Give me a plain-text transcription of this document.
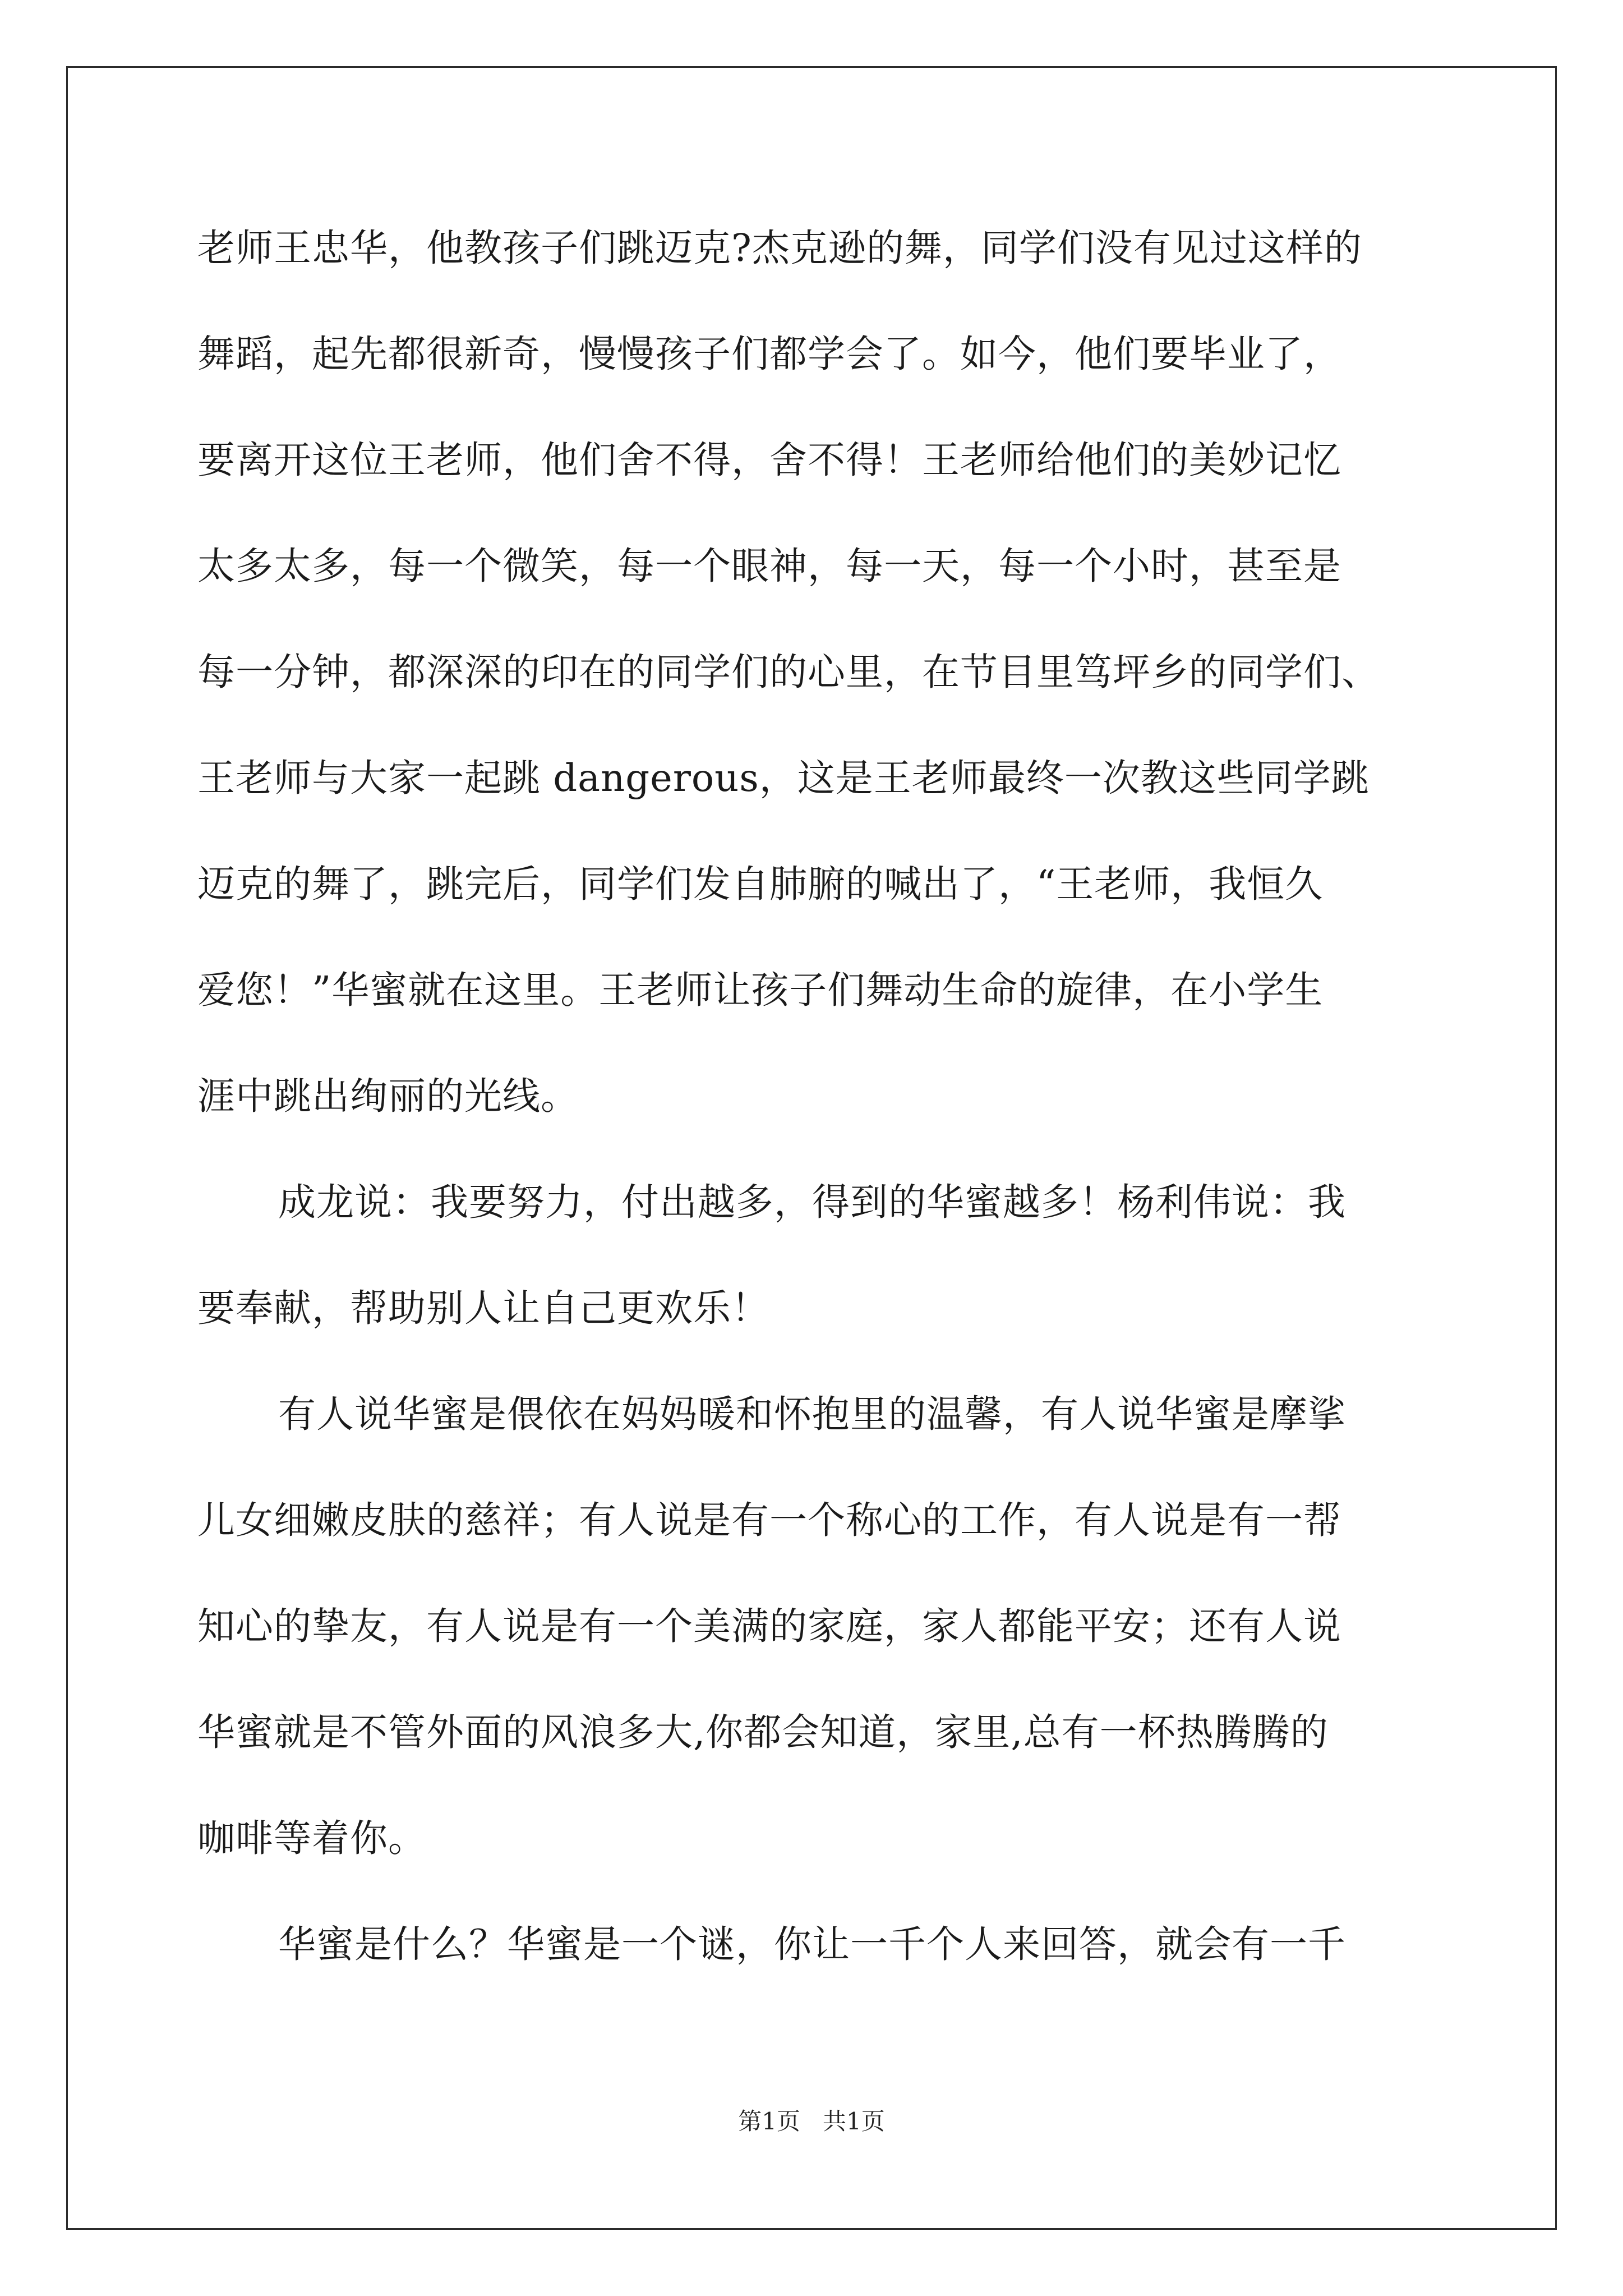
老师王忠华，他教孩子们跳迈克?杰克逊的舞，同学们没有见过这样的
舞蹈，起先都很新奇，慢慢孩子们都学会了。如今，他们要毕业了，
要离开这位王老师，他们舍不得，舍不得！王老师给他们的美妙记忆
太多太多，每一个微笑，每一个眼神，每一天，每一个小时，甚至是
每一分钟，都深深的印在的同学们的心里，在节目里笃坪乡的同学们、
王老师与大家一起跳 dangerous，这是王老师最终一次教这些同学跳
迈克的舞了，跳完后，同学们发自肺腑的喊出了，“王老师，我恒久
爱您！”华蜜就在这里。王老师让孩子们舞动生命的旋律，在小学生
涯中跳出绚丽的光线。
成龙说：我要努力，付出越多，得到的华蜜越多！杨利伟说：我
要奉献，帮助别人让自己更欢乐！
有人说华蜜是偎依在妈妈暖和怀抱里的温馨，有人说华蜜是摩挲
儿女细嫩皮肤的慈祥；有人说是有一个称心的工作，有人说是有一帮
知心的挚友，有人说是有一个美满的家庭，家人都能平安；还有人说
华蜜就是不管外面的风浪多大,你都会知道，家里,总有一杯热腾腾的
咖啡等着你。
华蜜是什么？华蜜是一个谜，你让一千个人来回答，就会有一千
第1页   共1页
